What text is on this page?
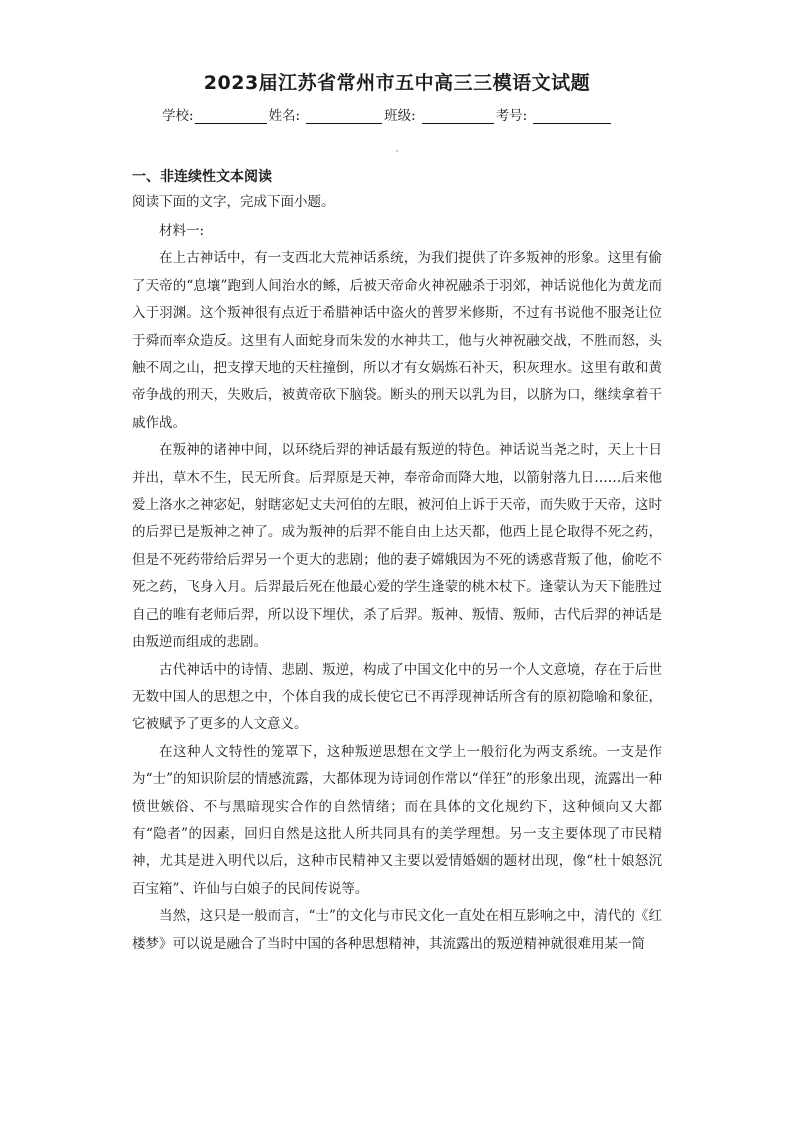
2023届江苏省常州市五中高三三模语文试题
学校:	姓名:	班级:	考号:
一、非连续性文本阅读
阅读下面的文字，完成下面小题。

材料一:

在上古神话中，有一支西北大荒神话系统，为我们提供了许多叛神的形象。这里有偷了天帝的“息壤”跑到人间治水的鲧，后被天帝命火神祝融杀于羽郊，神话说他化为黄龙而入于羽渊。这个叛神很有点近于希腊神话中盗火的普罗米修斯，不过有书说他不服尧让位于舜而率众造反。这里有人面蛇身而朱发的水神共工，他与火神祝融交战，不胜而怒，头触不周之山，把支撑天地的天柱撞倒，所以才有女娲炼石补天，积灰理水。这里有敢和黄帝争战的刑天，失败后，被黄帝砍下脑袋。断头的刑天以乳为目，以脐为口，继续拿着干戚作战。

在叛神的诸神中间，以环绕后羿的神话最有叛逆的特色。神话说当尧之时，天上十日并出，草木不生，民无所食。后羿原是天神，奉帝命而降大地，以箭射落九日……后来他爱上洛水之神宓妃，射瞎宓妃丈夫河伯的左眼，被河伯上诉于天帝，而失败于天帝，这时的后羿已是叛神之神了。成为叛神的后羿不能自由上达天都，他西上昆仑取得不死之药，但是不死药带给后羿另一个更大的悲剧；他的妻子嫦娥因为不死的诱惑背叛了他，偷吃不死之药，飞身入月。后羿最后死在他最心爱的学生逢蒙的桃木杖下。逢蒙认为天下能胜过自己的唯有老师后羿，所以设下埋伏，杀了后羿。叛神、叛情、叛师，古代后羿的神话是由叛逆而组成的悲剧。

古代神话中的诗情、悲剧、叛逆，构成了中国文化中的另一个人文意境，存在于后世无数中国人的思想之中，个体自我的成长使它已不再浮现神话所含有的原初隐喻和象征，它被赋予了更多的人文意义。

在这种人文特性的笼罩下，这种叛逆思想在文学上一般衍化为两支系统。一支是作为“士”的知识阶层的情感流露，大都体现为诗词创作常以“佯狂”的形象出现，流露出一种愤世嫉俗、不与黑暗现实合作的自然情绪；而在具体的文化规约下，这种倾向又大都有“隐者”的因素，回归自然是这批人所共同具有的美学理想。另一支主要体现了市民精神，尤其是进入明代以后，这种市民精神又主要以爱情婚姻的题材出现，像“杜十娘怒沉百宝箱”、许仙与白娘子的民间传说等。

当然，这只是一般而言，“士”的文化与市民文化一直处在相互影响之中，清代的《红楼梦》可以说是融合了当时中国的各种思想精神，其流露出的叛逆精神就很难用某一简
